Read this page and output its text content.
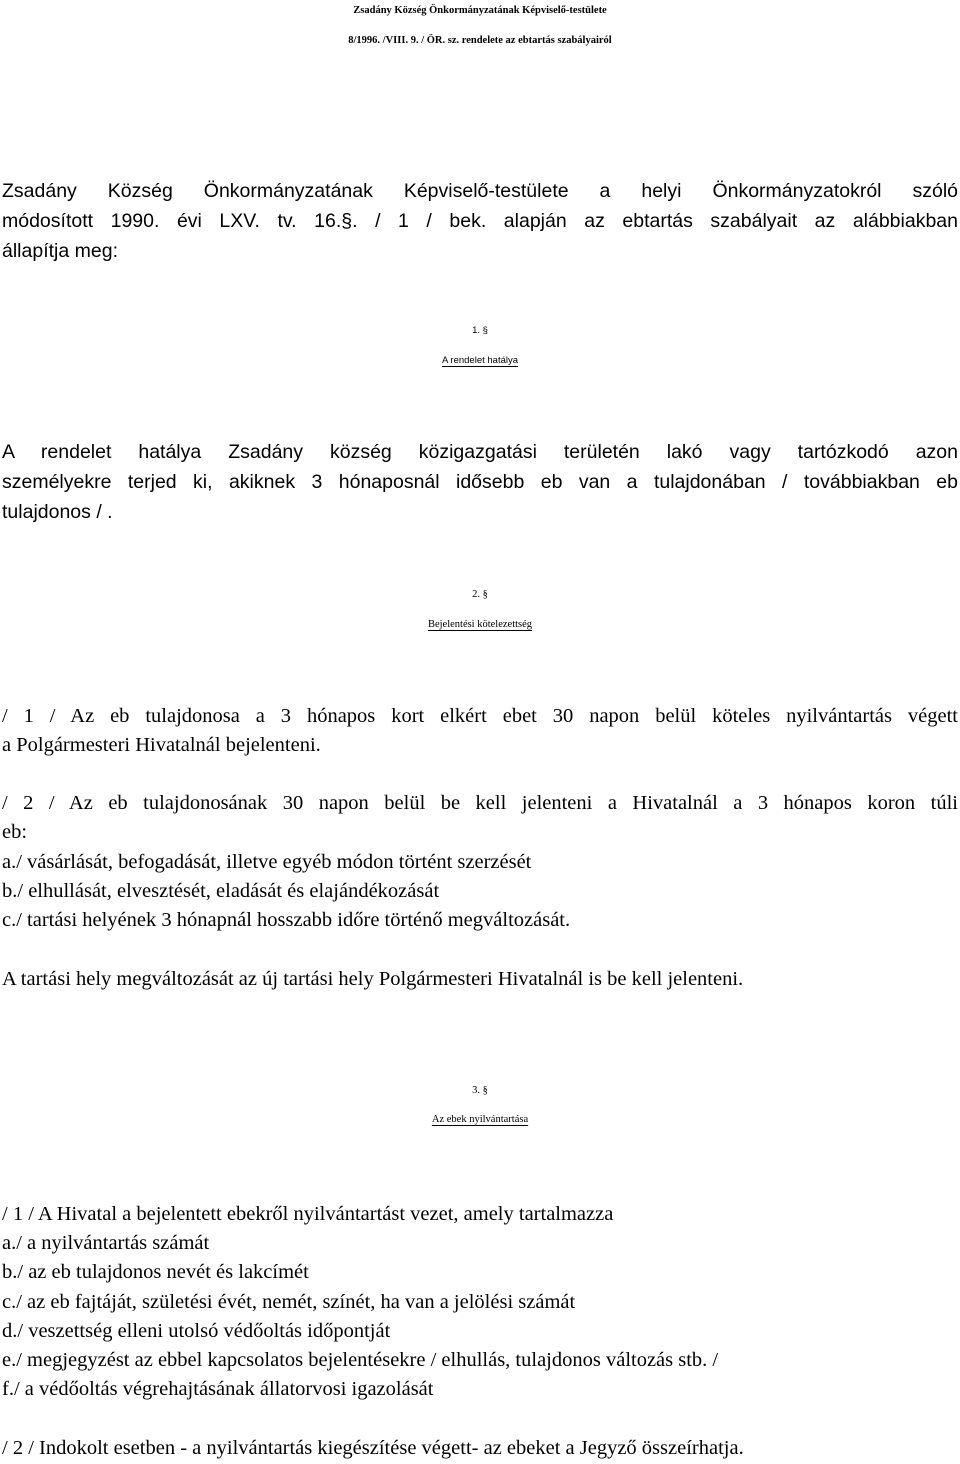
Zsadány Község Önkormányzatának Képviselő-testülete
8/1996. /VIII. 9. / ÖR. sz. rendelete az ebtartás szabályairól
Zsadány Község Önkormányzatának Képviselő-testülete a helyi Önkormányzatokról szóló
módosított 1990. évi LXV. tv. 16.§. / 1 / bek. alapján az ebtartás szabályait az alábbiakban
állapítja meg:
1. §
A rendelet hatálya
A rendelet hatálya Zsadány község közigazgatási területén lakó vagy tartózkodó azon
személyekre terjed ki, akiknek 3 hónaposnál idősebb eb van a tulajdonában / továbbiakban eb
tulajdonos / .
2. §
Bejelentési kötelezettség
/ 1 / Az eb tulajdonosa a 3 hónapos kort elkért ebet 30 napon belül köteles nyilvántartás végett
a Polgármesteri Hivatalnál bejelenteni.
/ 2 / Az eb tulajdonosának 30 napon belül be kell jelenteni a Hivatalnál a 3 hónapos koron túli
eb:
a./ vásárlását, befogadását, illetve egyéb módon történt szerzését
b./ elhullását, elvesztését, eladását és elajándékozását
c./ tartási helyének 3 hónapnál hosszabb időre történő megváltozását.
A tartási hely megváltozását az új tartási hely Polgármesteri Hivatalnál is be kell jelenteni.
3. §
Az ebek nyilvántartása
/ 1 / A Hivatal a bejelentett ebekről nyilvántartást vezet, amely tartalmazza
a./ a nyilvántartás számát
b./ az eb tulajdonos nevét és lakcímét
c./ az eb fajtáját, születési évét, nemét, színét, ha van a jelölési számát
d./ veszettség elleni utolsó védőoltás időpontját
e./ megjegyzést az ebbel kapcsolatos bejelentésekre / elhullás, tulajdonos változás stb. /
f./ a védőoltás végrehajtásának állatorvosi igazolását
/ 2 / Indokolt esetben - a nyilvántartás kiegészítése végett- az ebeket a Jegyző összeírhatja.
